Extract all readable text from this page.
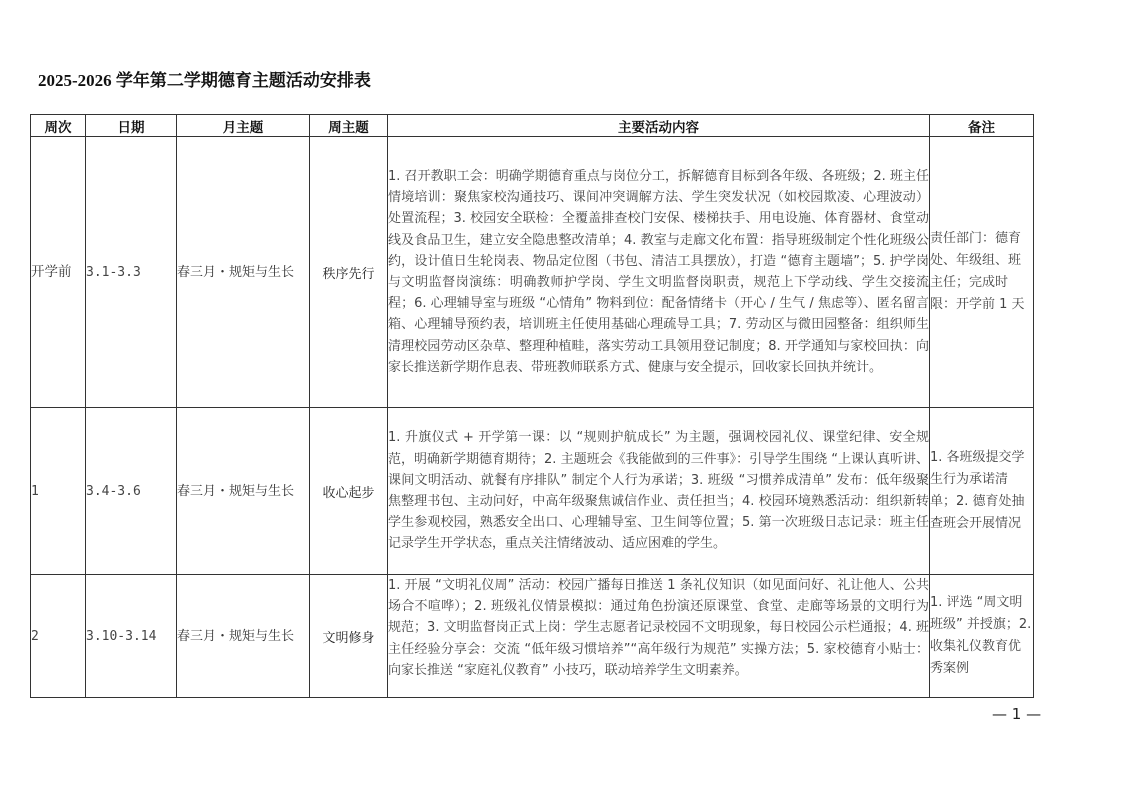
2025-2026 学年第二学期德育主题活动安排表
周次	日期	月主题	周主题	主要活动内容	备注
开学前	3.1-3.3	春三月・规矩与生长	秩序先行	1. 召开教职工会：明确学期德育重点与岗位分工，拆解德育目标到各年级、各班级；2. 班主任情境培训：聚焦家校沟通技巧、课间冲突调解方法、学生突发状况（如校园欺凌、心理波动）处置流程；3. 校园安全联检：全覆盖排查校门安保、楼梯扶手、用电设施、体育器材、食堂动线及食品卫生，建立安全隐患整改清单；4. 教室与走廊文化布置：指导班级制定个性化班级公约，设计值日生轮岗表、物品定位图（书包、清洁工具摆放），打造 “德育主题墙”；5. 护学岗与文明监督岗演练：明确教师护学岗、学生文明监督岗职责，规范上下学动线、学生交接流程；6. 心理辅导室与班级 “心情角” 物料到位：配备情绪卡（开心 / 生气 / 焦虑等）、匿名留言箱、心理辅导预约表，培训班主任使用基础心理疏导工具；7. 劳动区与微田园整备：组织师生清理校园劳动区杂草、整理种植畦，落实劳动工具领用登记制度；8. 开学通知与家校回执：向家长推送新学期作息表、带班教师联系方式、健康与安全提示，回收家长回执并统计。	责任部门：德育处、年级组、班主任；完成时限：开学前 1 天
1	3.4-3.6	春三月・规矩与生长	收心起步	1. 升旗仪式 + 开学第一课：以 “规则护航成长” 为主题，强调校园礼仪、课堂纪律、安全规范，明确新学期德育期待；2. 主题班会《我能做到的三件事》：引导学生围绕 “上课认真听讲、课间文明活动、就餐有序排队” 制定个人行为承诺；3. 班级 “习惯养成清单” 发布：低年级聚焦整理书包、主动问好，中高年级聚焦诚信作业、责任担当；4. 校园环境熟悉活动：组织新转学生参观校园，熟悉安全出口、心理辅导室、卫生间等位置；5. 第一次班级日志记录：班主任记录学生开学状态，重点关注情绪波动、适应困难的学生。	1. 各班级提交学生行为承诺清单；2. 德育处抽查班会开展情况
2	3.10-3.14	春三月・规矩与生长	文明修身	1. 开展 “文明礼仪周” 活动：校园广播每日推送 1 条礼仪知识（如见面问好、礼让他人、公共场合不喧哗）；2. 班级礼仪情景模拟：通过角色扮演还原课堂、食堂、走廊等场景的文明行为规范；3. 文明监督岗正式上岗：学生志愿者记录校园不文明现象，每日校园公示栏通报；4. 班主任经验分享会：交流 “低年级习惯培养”“高年级行为规范” 实操方法；5. 家校德育小贴士：向家长推送 “家庭礼仪教育” 小技巧，联动培养学生文明素养。	1. 评选 “周文明班级” 并授旗；2. 收集礼仪教育优秀案例
— 1 —
